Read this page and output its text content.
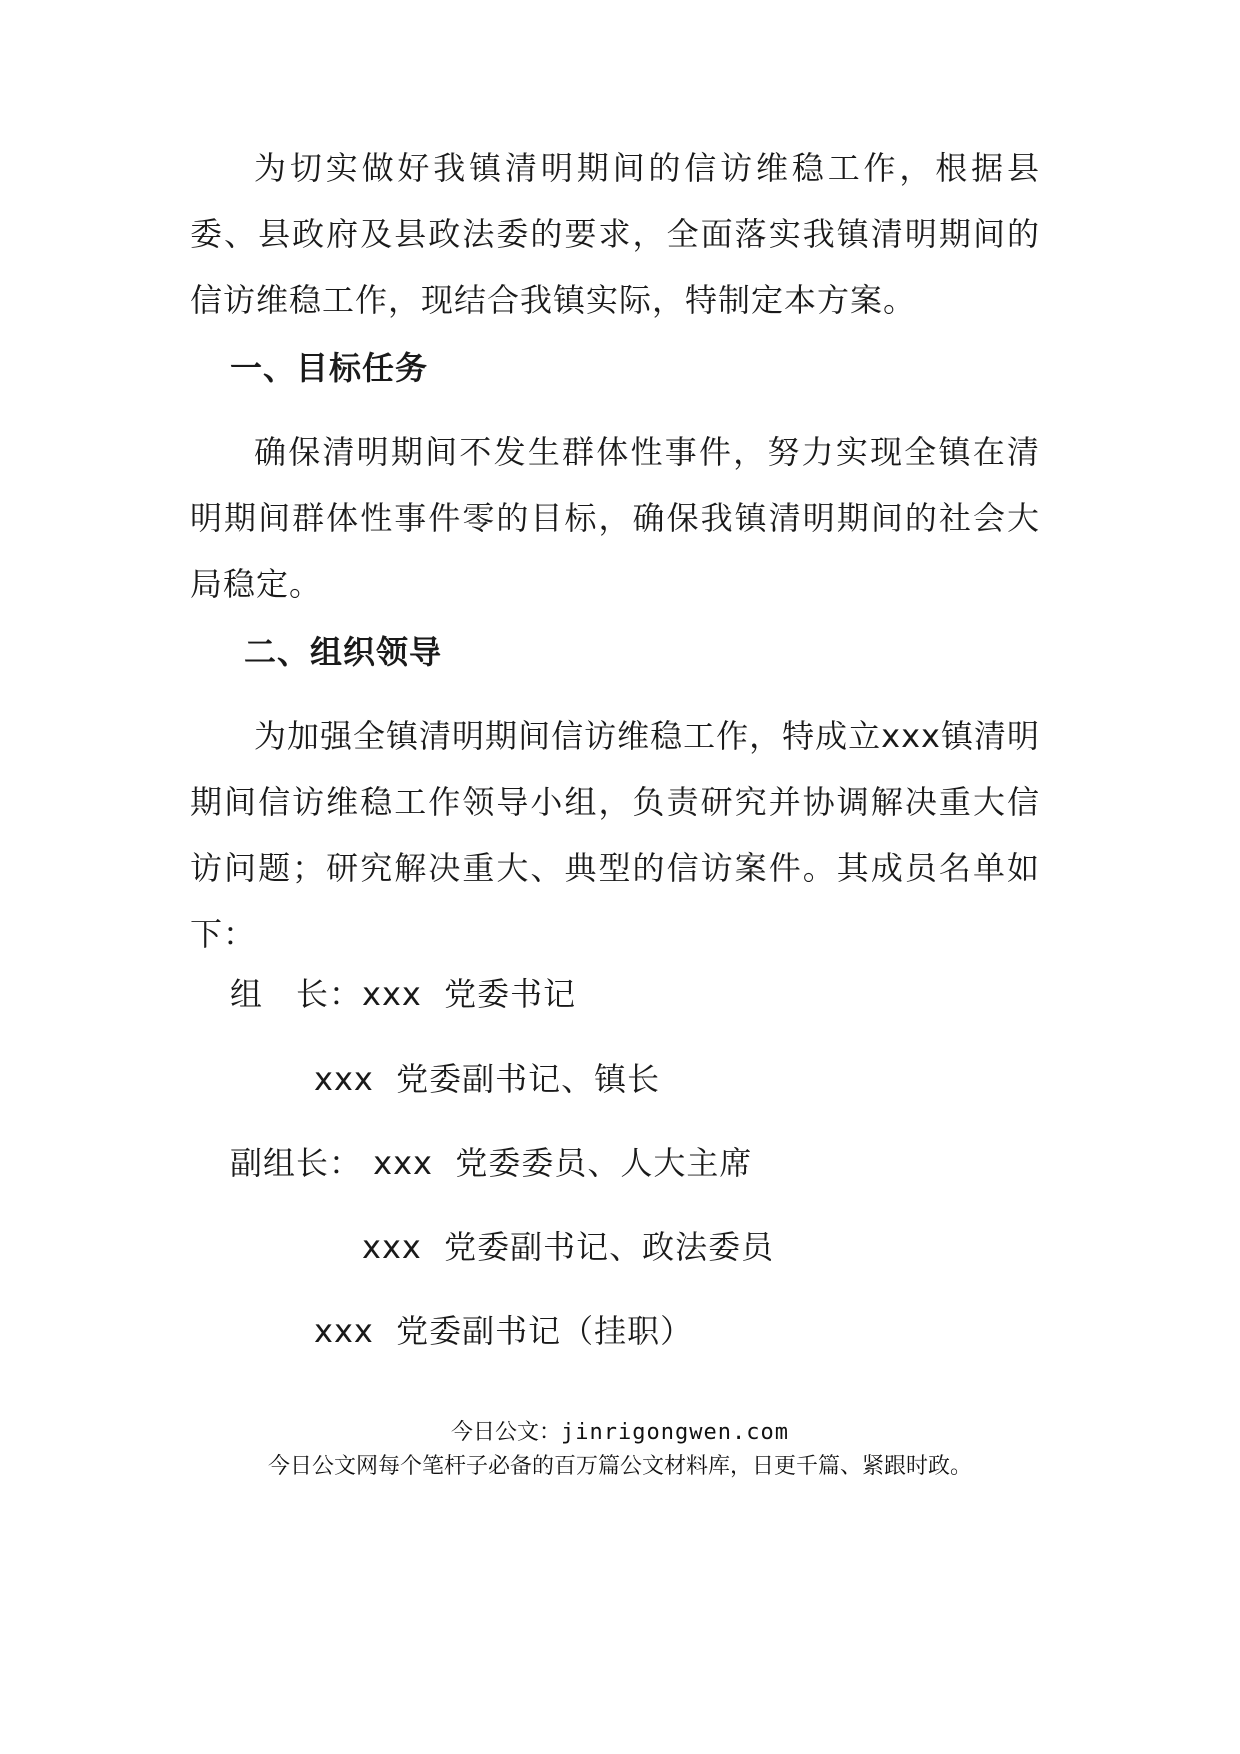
为切实做好我镇清明期间的信访维稳工作，根据县委、县政府及县政法委的要求，全面落实我镇清明期间的信访维稳工作，现结合我镇实际，特制定本方案。

一、目标任务

确保清明期间不发生群体性事件，努力实现全镇在清明期间群体性事件零的目标，确保我镇清明期间的社会大局稳定。

二、组织领导

为加强全镇清明期间信访维稳工作，特成立xxx镇清明期间信访维稳工作领导小组，负责研究并协调解决重大信访问题；研究解决重大、典型的信访案件。其成员名单如下：

组　长：xxx  党委书记

xxx  党委副书记、镇长

副组长： xxx  党委委员、人大主席

xxx  党委副书记、政法委员

xxx  党委副书记（挂职）

今日公文：jinrigongwen.com
今日公文网每个笔杆子必备的百万篇公文材料库，日更千篇、紧跟时政。
